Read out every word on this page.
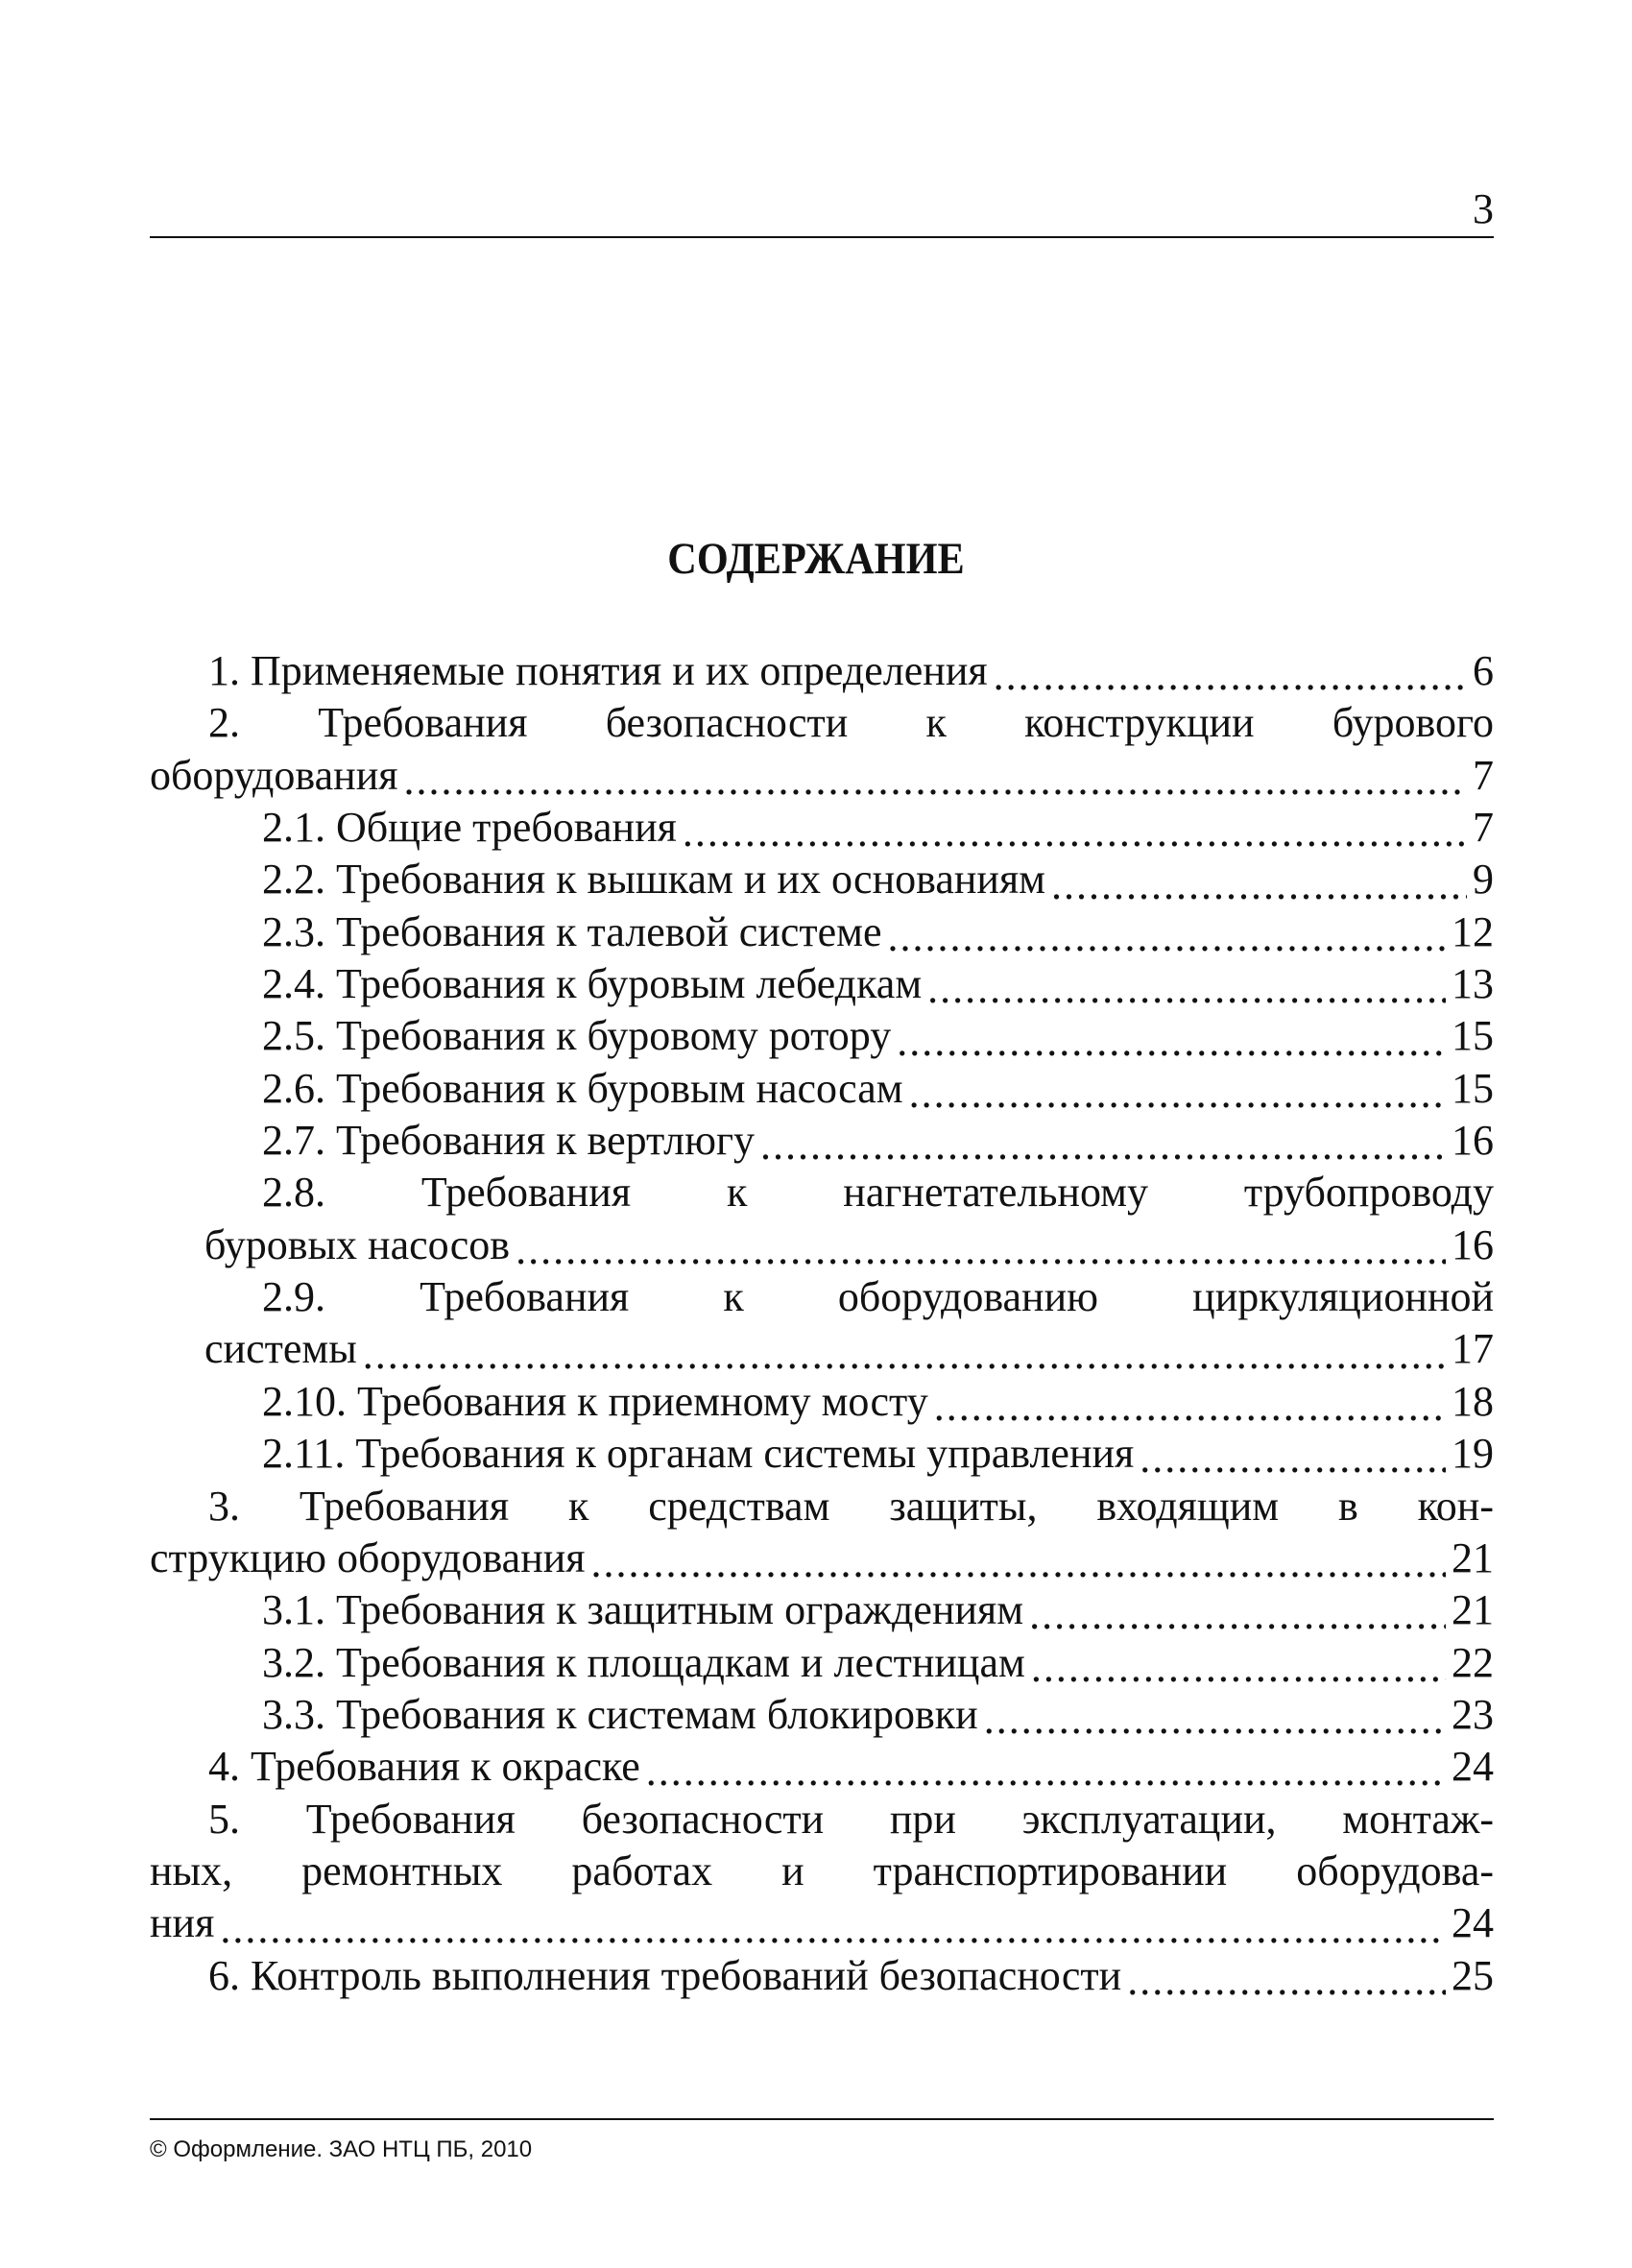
3
СОДЕРЖАНИЕ
1. Применяемые понятия и их определения .....	6
2. Требования безопасности к конструкции бурового
оборудования .....	7
2.1. Общие требования .....	7
2.2. Требования к вышкам и их основаниям .....	9
2.3. Требования к талевой системе .....	12
2.4. Требования к буровым лебедкам .....	13
2.5. Требования к буровому ротору .....	15
2.6. Требования к буровым насосам .....	15
2.7. Требования к вертлюгу .....	16
2.8. Требования к нагнетательному трубопроводу
буровых насосов .....	16
2.9. Требования к оборудованию циркуляционной
системы .....	17
2.10. Требования к приемному мосту .....	18
2.11. Требования к органам системы управления .....	19
3. Требования к средствам защиты, входящим в кон-
струкцию оборудования .....	21
3.1. Требования к защитным ограждениям .....	21
3.2. Требования к площадкам и лестницам .....	22
3.3. Требования к системам блокировки .....	23
4. Требования к окраске .....	24
5. Требования безопасности при эксплуатации, монтаж-
ных, ремонтных работах и транспортировании оборудова-
ния .....	24
6. Контроль выполнения требований безопасности .....	25
© Оформление. ЗАО НТЦ ПБ, 2010
